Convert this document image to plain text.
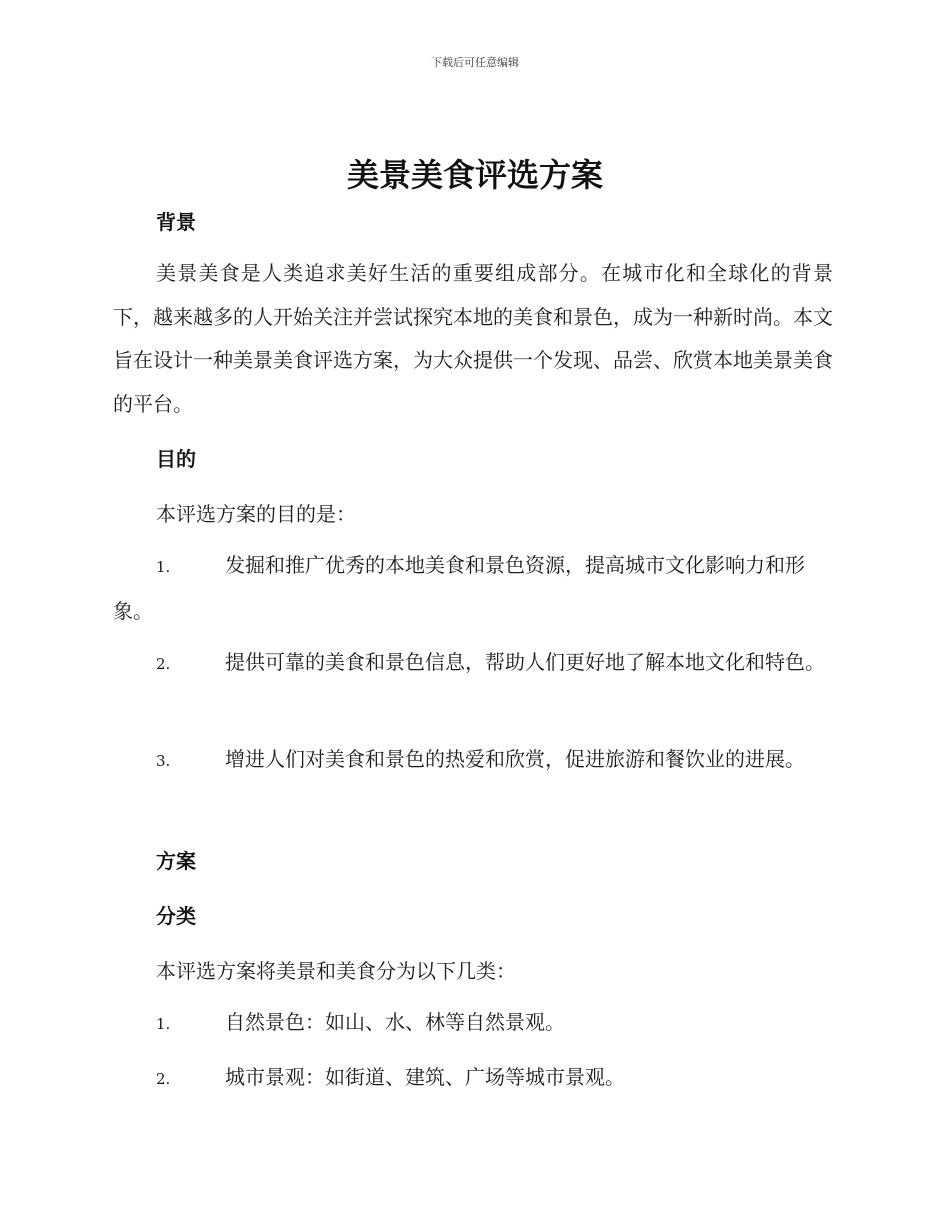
下载后可任意编辑
美景美食评选方案
背景

美景美食是人类追求美好生活的重要组成部分。在城市化和全球化的背景下，越来越多的人开始关注并尝试探究本地的美食和景色，成为一种新时尚。本文旨在设计一种美景美食评选方案，为大众提供一个发现、品尝、欣赏本地美景美食的平台。

目的

本评选方案的目的是：

1.	发掘和推广优秀的本地美食和景色资源，提高城市文化影响力和形象。

2.	提供可靠的美食和景色信息，帮助人们更好地了解本地文化和特色。

3.	增进人们对美食和景色的热爱和欣赏，促进旅游和餐饮业的进展。

方案
分类

本评选方案将美景和美食分为以下几类：

1.	自然景色：如山、水、林等自然景观。

2.	城市景观：如街道、建筑、广场等城市景观。
